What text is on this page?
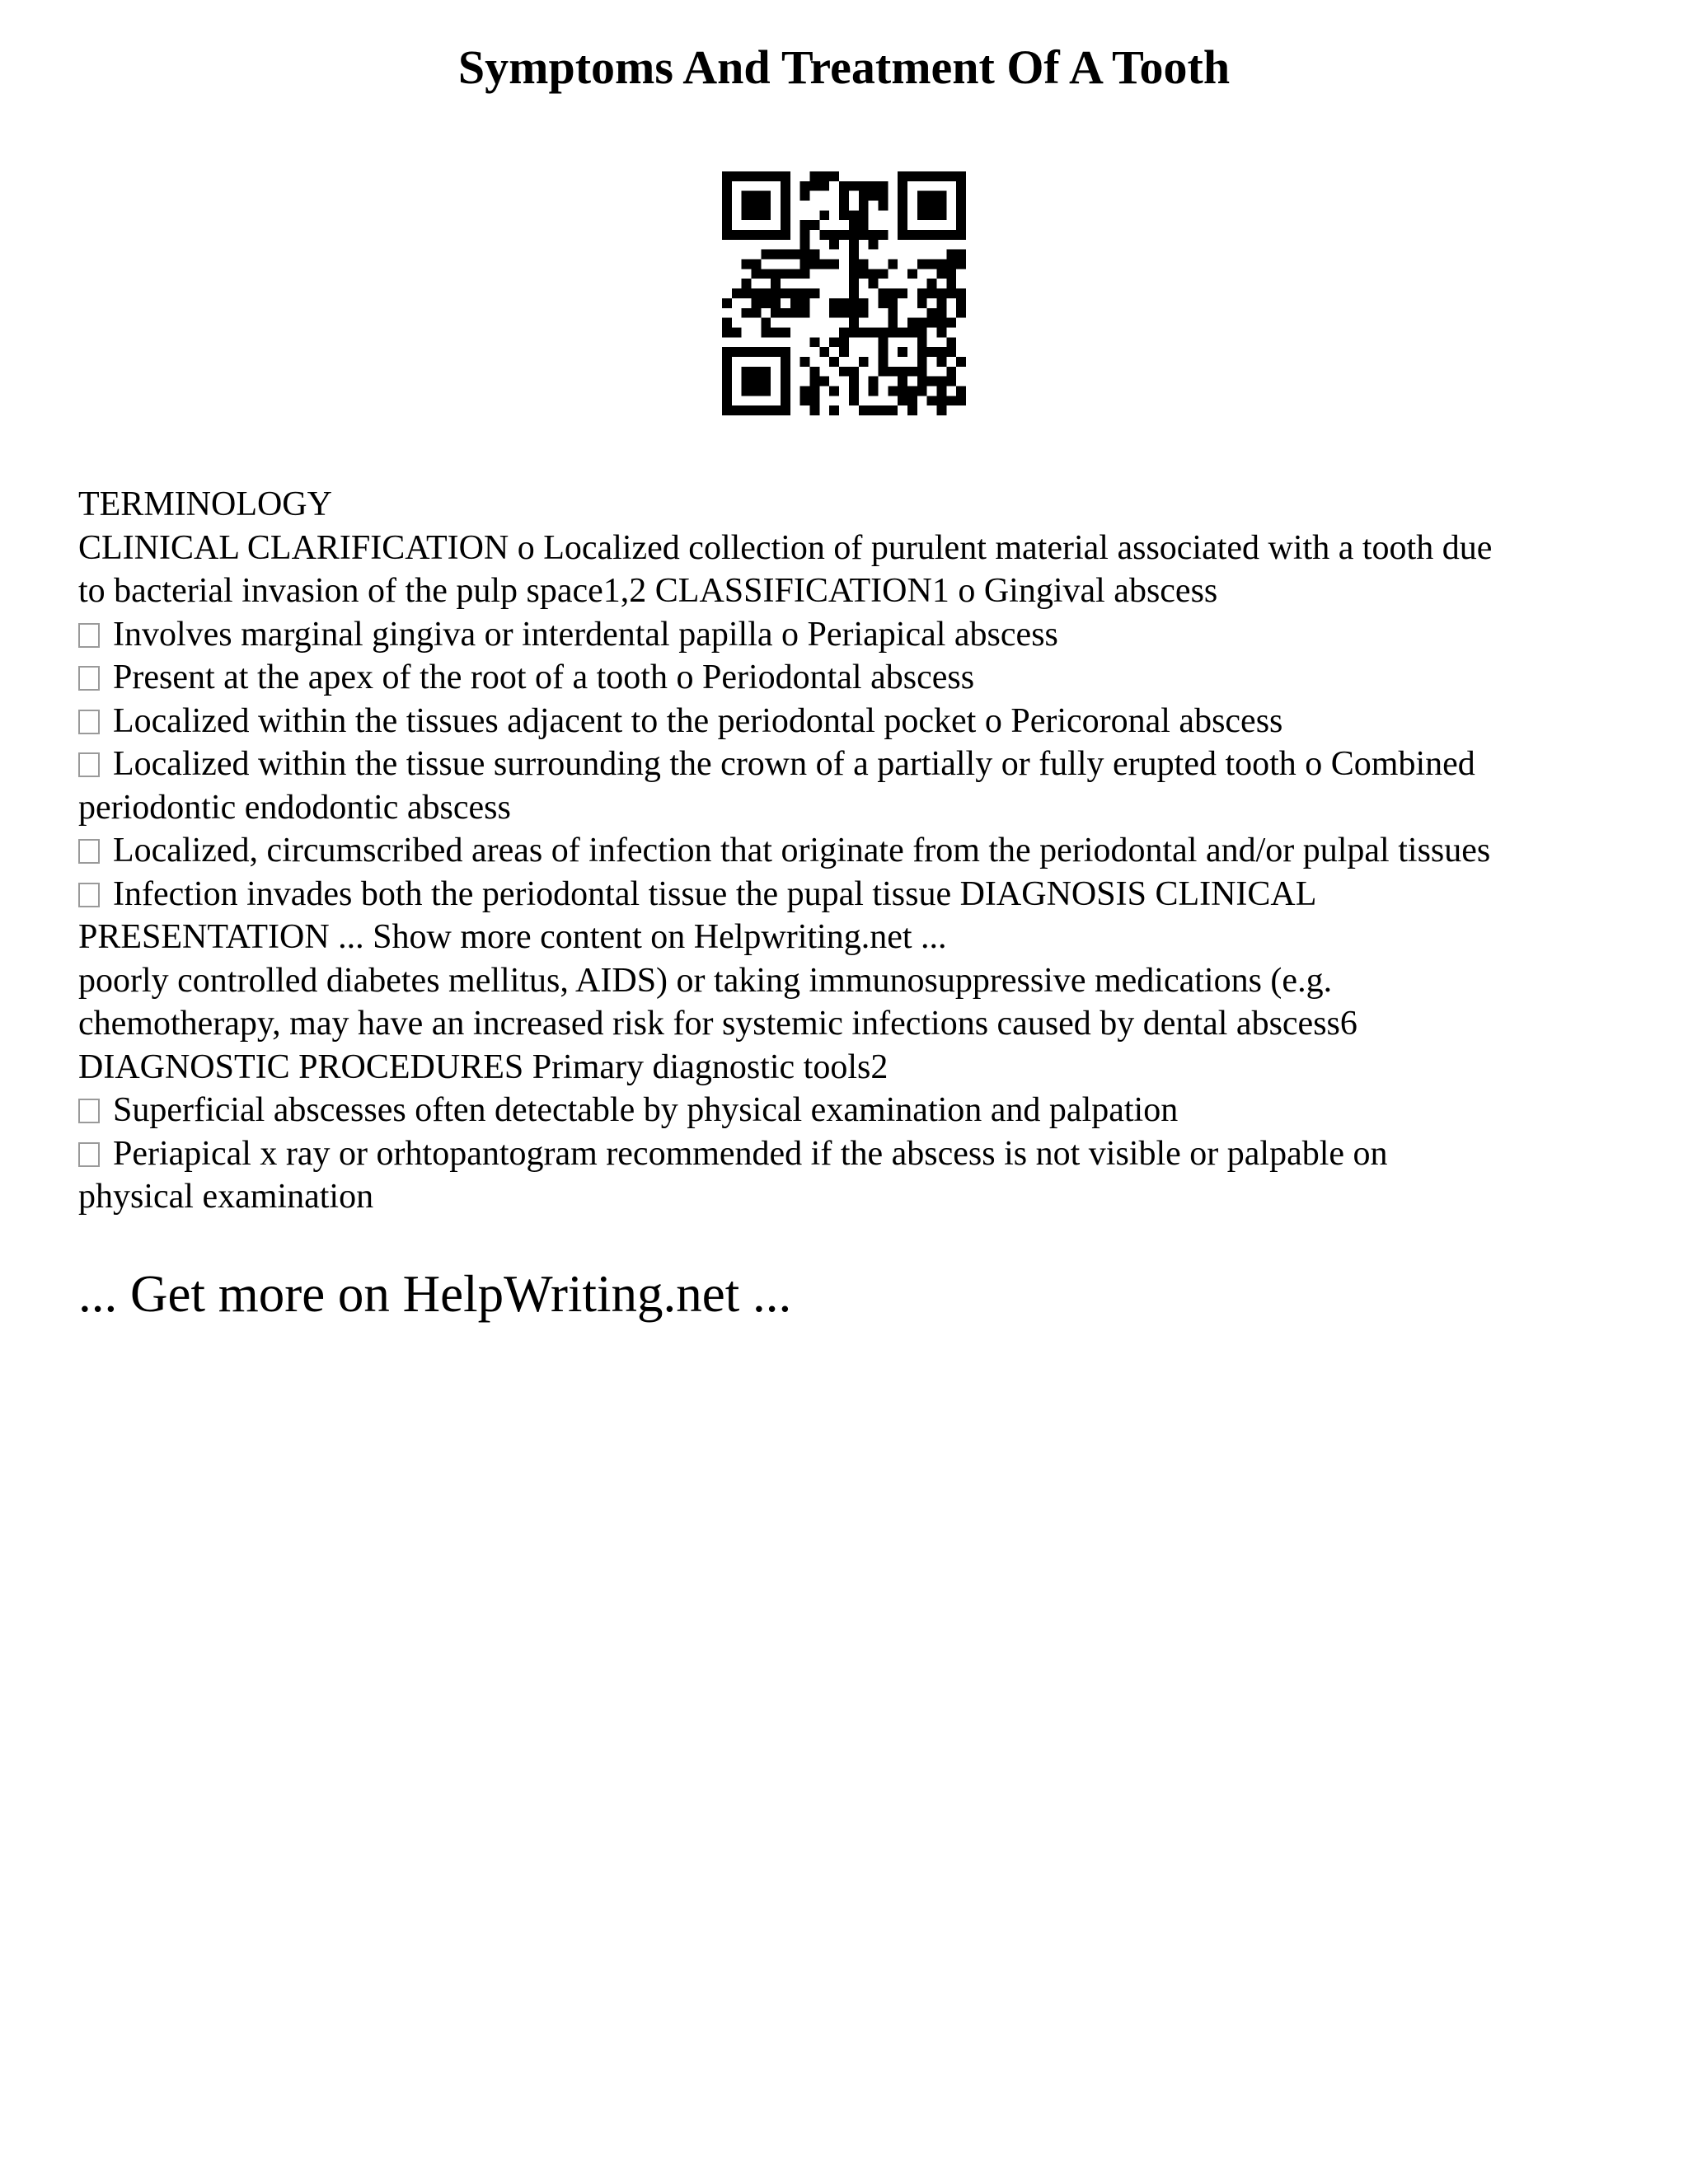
Symptoms And Treatment Of A Tooth
TERMINOLOGY
CLINICAL CLARIFICATION o Localized collection of purulent material associated with a tooth due
to bacterial invasion of the pulp space1,2 CLASSIFICATION1 o Gingival abscess
Involves marginal gingiva or interdental papilla o Periapical abscess
Present at the apex of the root of a tooth o Periodontal abscess
Localized within the tissues adjacent to the periodontal pocket o Pericoronal abscess
Localized within the tissue surrounding the crown of a partially or fully erupted tooth o Combined
periodontic endodontic abscess
Localized, circumscribed areas of infection that originate from the periodontal and/or pulpal tissues
Infection invades both the periodontal tissue the pupal tissue DIAGNOSIS CLINICAL
PRESENTATION ... Show more content on Helpwriting.net ...
poorly controlled diabetes mellitus, AIDS) or taking immunosuppressive medications (e.g.
chemotherapy, may have an increased risk for systemic infections caused by dental abscess6
DIAGNOSTIC PROCEDURES Primary diagnostic tools2
Superficial abscesses often detectable by physical examination and palpation
Periapical x ray or orhtopantogram recommended if the abscess is not visible or palpable on
physical examination
... Get more on HelpWriting.net ...
